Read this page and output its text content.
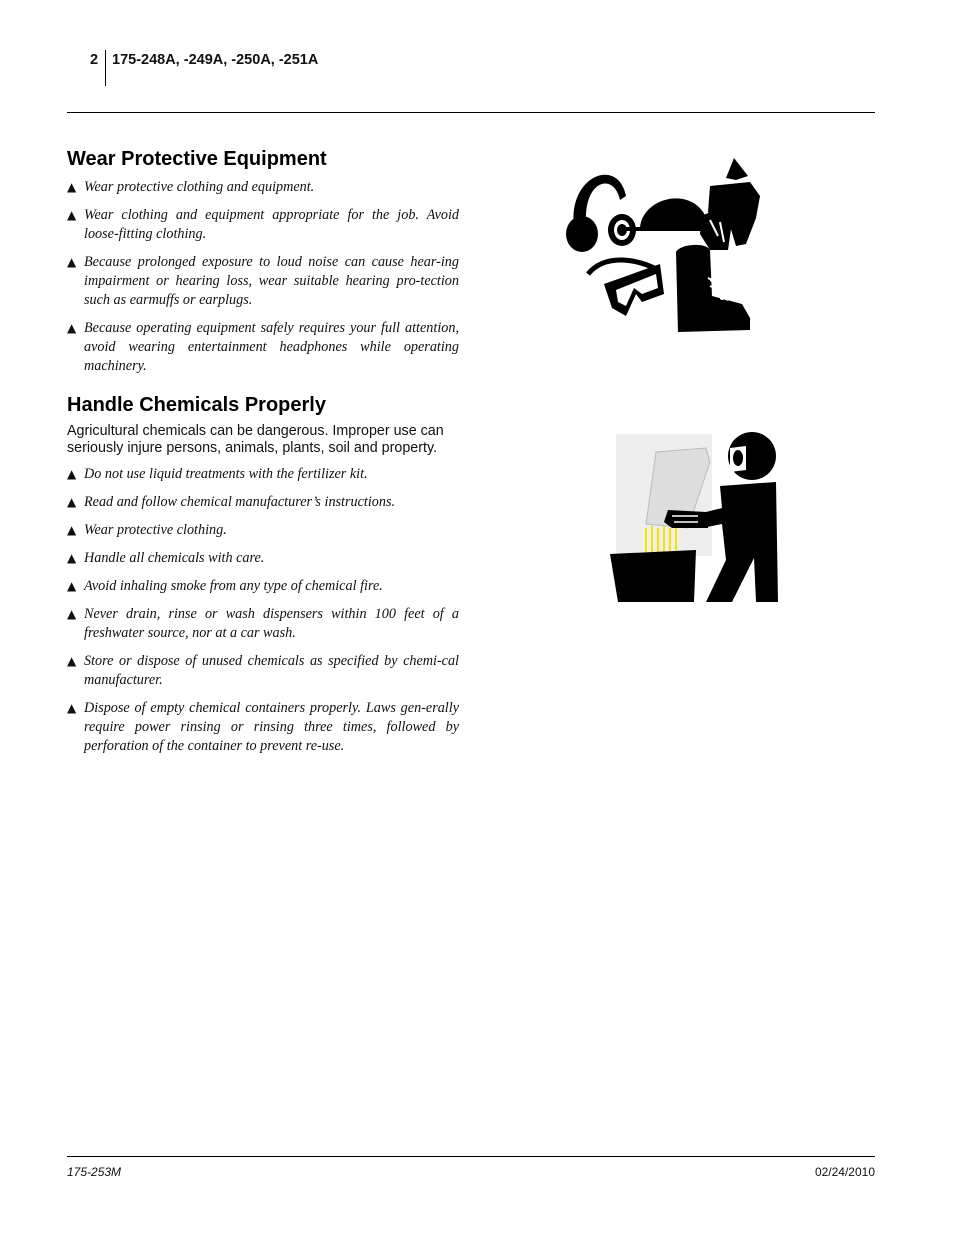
2 175-248A, -249A, -250A, -251A
Wear Protective Equipment
▲ Wear protective clothing and equipment.
▲ Wear clothing and equipment appropriate for the job. Avoid loose-fitting clothing.
▲ Because prolonged exposure to loud noise can cause hear-ing impairment or hearing loss, wear suitable hearing pro-tection such as earmuffs or earplugs.
▲ Because operating equipment safely requires your full attention, avoid wearing entertainment headphones while operating machinery.
Handle Chemicals Properly

Agricultural chemicals can be dangerous. Improper use can seriously injure persons, animals, plants, soil and property.

▲ Do not use liquid treatments with the fertilizer kit.
▲ Read and follow chemical manufacturer’s instructions.
▲ Wear protective clothing.
▲ Handle all chemicals with care.
▲ Avoid inhaling smoke from any type of chemical fire.
▲ Never drain, rinse or wash dispensers within 100 feet of a freshwater source, nor at a car wash.
▲ Store or dispose of unused chemicals as specified by chemi-cal manufacturer.
▲ Dispose of empty chemical containers properly. Laws gen-erally require power rinsing or rinsing three times, followed by perforation of the container to prevent re-use.
175-253M	02/24/2010
